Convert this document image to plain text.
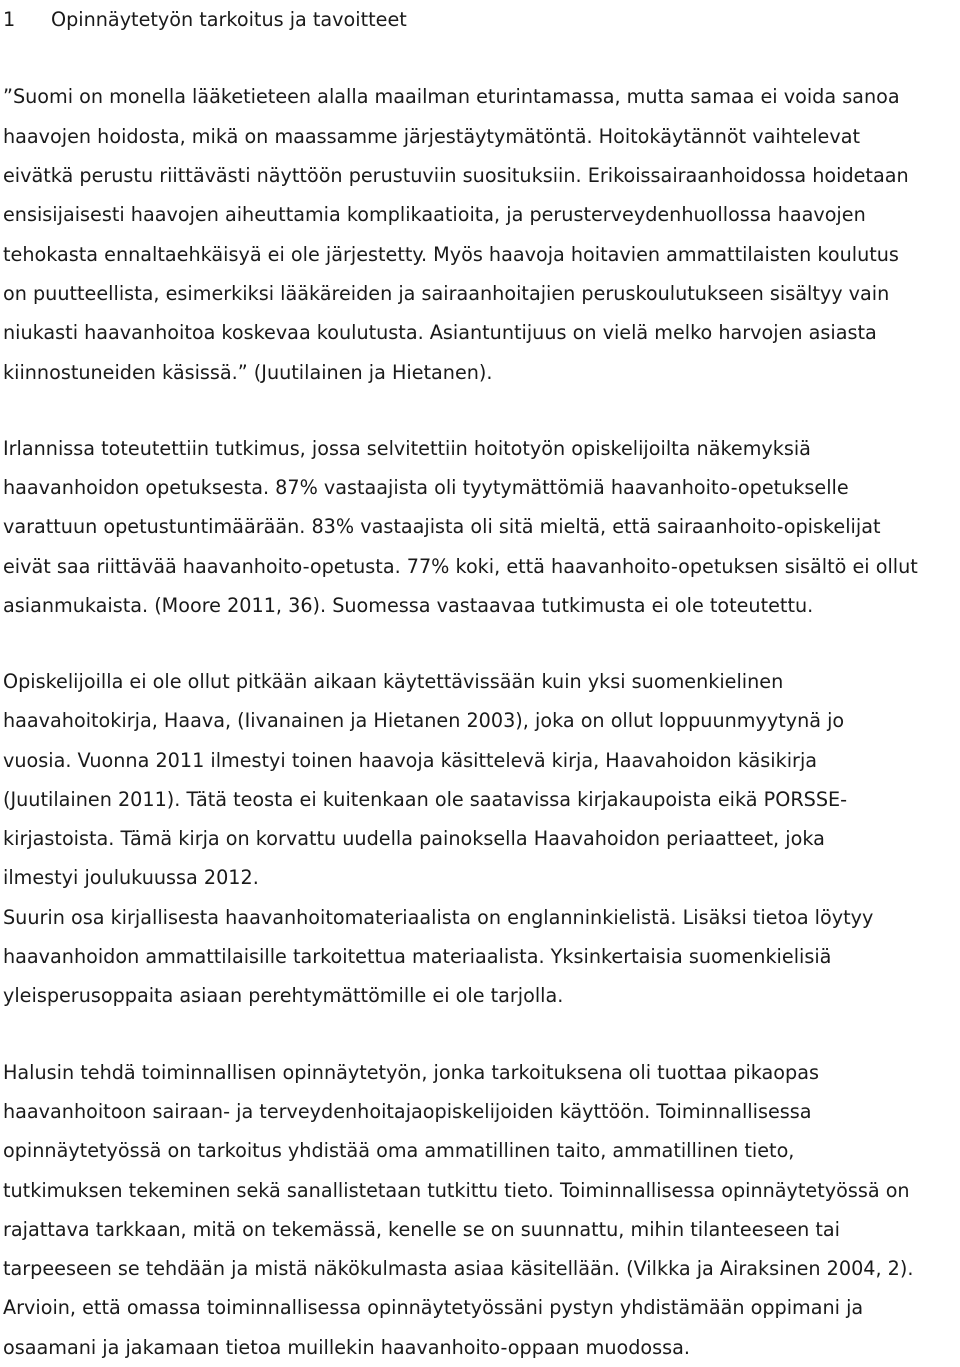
1 Opinnäytetyön tarkoitus ja tavoitteet

”Suomi on monella lääketieteen alalla maailman eturintamassa, mutta samaa ei voida sanoa
haavojen hoidosta, mikä on maassamme järjestäytymätöntä. Hoitokäytännöt vaihtelevat
eivätkä perustu riittävästi näyttöön perustuviin suosituksiin. Erikoissairaanhoidossa hoidetaan
ensisijaisesti haavojen aiheuttamia komplikaatioita, ja perusterveydenhuollossa haavojen
tehokasta ennaltaehkäisyä ei ole järjestetty. Myös haavoja hoitavien ammattilaisten koulutus
on puutteellista, esimerkiksi lääkäreiden ja sairaanhoitajien peruskoulutukseen sisältyy vain
niukasti haavanhoitoa koskevaa koulutusta. Asiantuntijuus on vielä melko harvojen asiasta
kiinnostuneiden käsissä.” (Juutilainen ja Hietanen).

Irlannissa toteutettiin tutkimus, jossa selvitettiin hoitotyön opiskelijoilta näkemyksiä
haavanhoidon opetuksesta. 87% vastaajista oli tyytymättömiä haavanhoito-opetukselle
varattuun opetustuntimäärään. 83% vastaajista oli sitä mieltä, että sairaanhoito-opiskelijat
eivät saa riittävää haavanhoito-opetusta. 77% koki, että haavanhoito-opetuksen sisältö ei ollut
asianmukaista. (Moore 2011, 36). Suomessa vastaavaa tutkimusta ei ole toteutettu.

Opiskelijoilla ei ole ollut pitkään aikaan käytettävissään kuin yksi suomenkielinen
haavahoitokirja, Haava, (Iivanainen ja Hietanen 2003), joka on ollut loppuunmyytynä jo
vuosia. Vuonna 2011 ilmestyi toinen haavoja käsittelevä kirja, Haavahoidon käsikirja
(Juutilainen 2011). Tätä teosta ei kuitenkaan ole saatavissa kirjakaupoista eikä PORSSE-
kirjastoista. Tämä kirja on korvattu uudella painoksella Haavahoidon periaatteet, joka
ilmestyi joulukuussa 2012.

Suurin osa kirjallisesta haavanhoitomateriaalista on englanninkielistä. Lisäksi tietoa löytyy
haavanhoidon ammattilaisille tarkoitettua materiaalista. Yksinkertaisia suomenkielisiä
yleisperusoppaita asiaan perehtymättömille ei ole tarjolla.

Halusin tehdä toiminnallisen opinnäytetyön, jonka tarkoituksena oli tuottaa pikaopas
haavanhoitoon sairaan- ja terveydenhoitajaopiskelijoiden käyttöön. Toiminnallisessa
opinnäytetyössä on tarkoitus yhdistää oma ammatillinen taito, ammatillinen tieto,
tutkimuksen tekeminen sekä sanallistetaan tutkittu tieto. Toiminnallisessa opinnäytetyössä on
rajattava tarkkaan, mitä on tekemässä, kenelle se on suunnattu, mihin tilanteeseen tai
tarpeeseen se tehdään ja mistä näkökulmasta asiaa käsitellään. (Vilkka ja Airaksinen 2004, 2).
Arvioin, että omassa toiminnallisessa opinnäytetyössäni pystyn yhdistämään oppimani ja
osaamani ja jakamaan tietoa muillekin haavanhoito-oppaan muodossa.
